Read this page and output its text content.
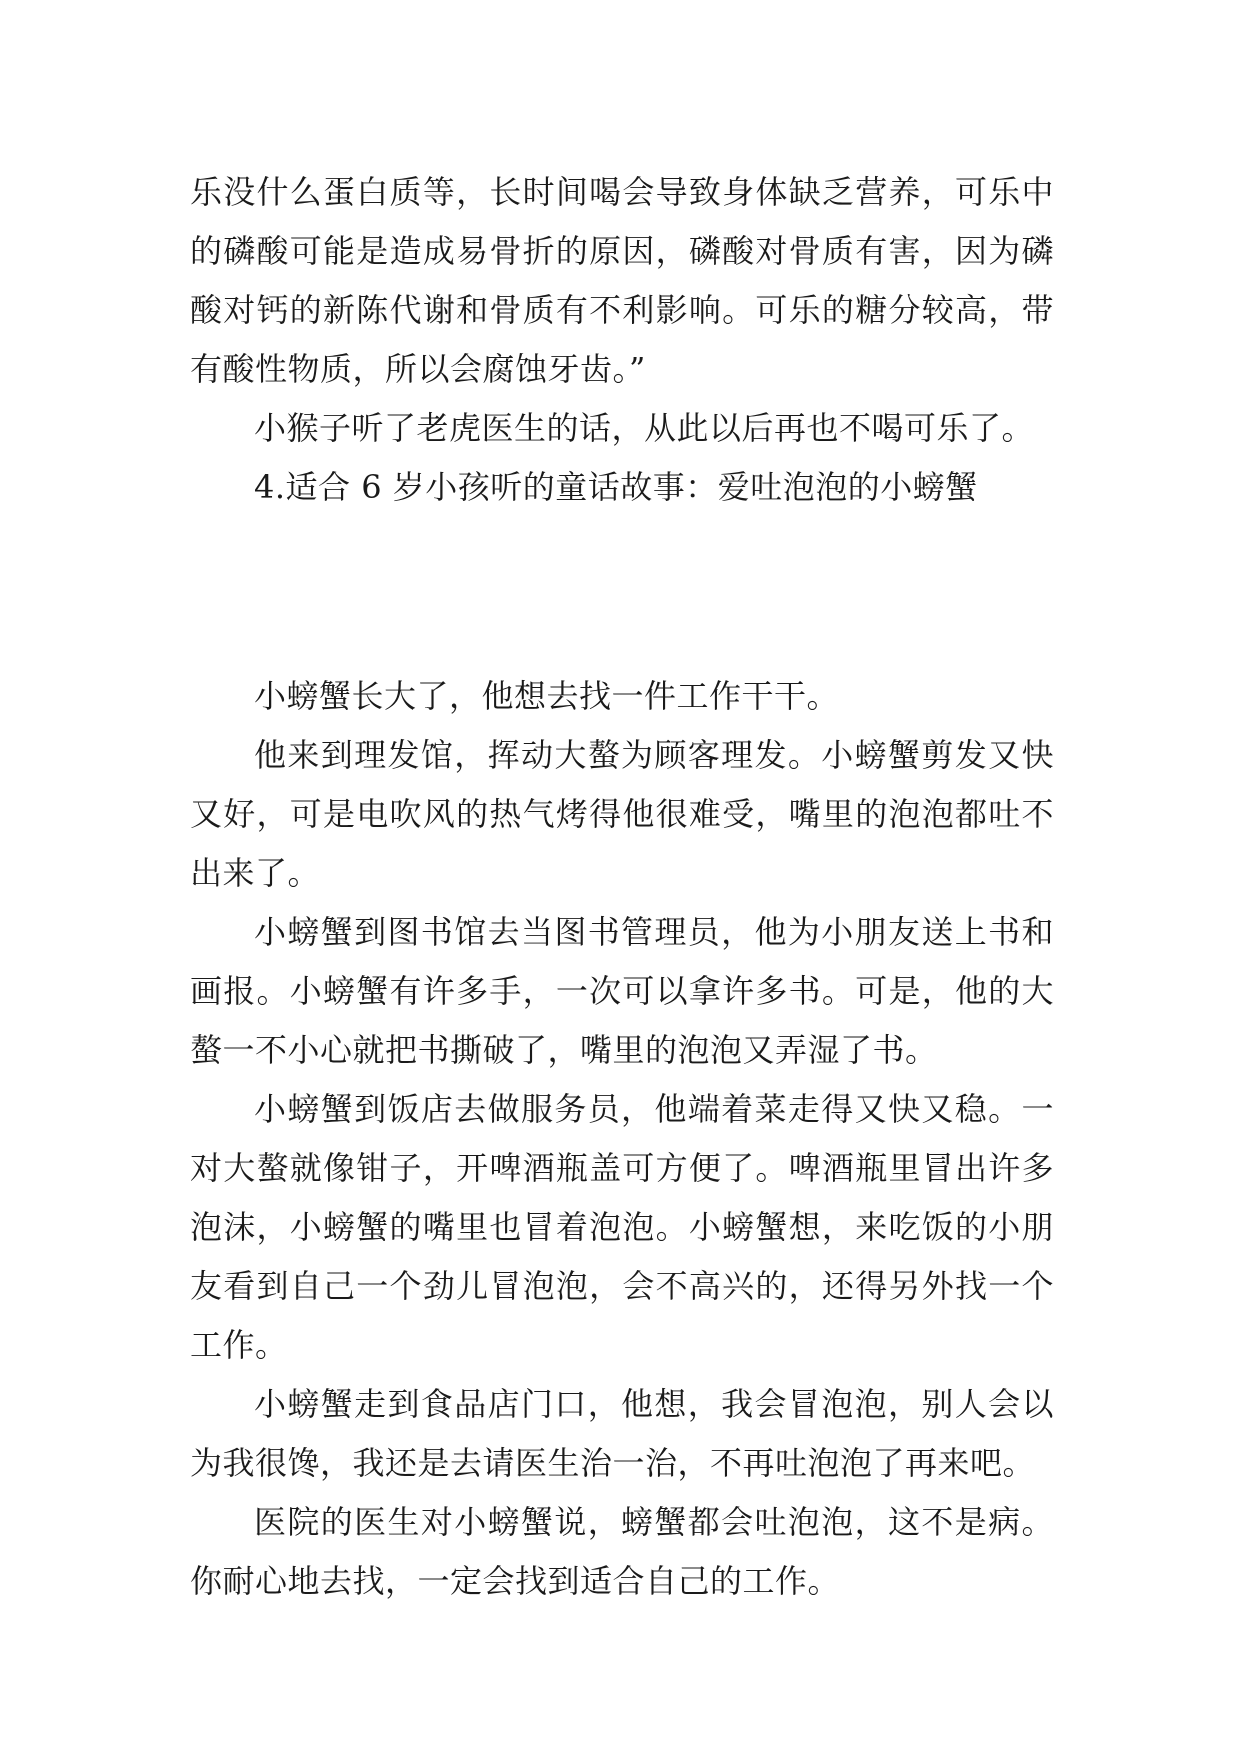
乐没什么蛋白质等，长时间喝会导致身体缺乏营养，可乐中的磷酸可能是造成易骨折的原因，磷酸对骨质有害，因为磷酸对钙的新陈代谢和骨质有不利影响。可乐的糖分较高，带有酸性物质，所以会腐蚀牙齿。”

小猴子听了老虎医生的话，从此以后再也不喝可乐了。

4.适合 6 岁小孩听的童话故事：爱吐泡泡的小螃蟹

小螃蟹长大了，他想去找一件工作干干。

他来到理发馆，挥动大螯为顾客理发。小螃蟹剪发又快又好，可是电吹风的热气烤得他很难受，嘴里的泡泡都吐不出来了。

小螃蟹到图书馆去当图书管理员，他为小朋友送上书和画报。小螃蟹有许多手，一次可以拿许多书。可是，他的大螯一不小心就把书撕破了，嘴里的泡泡又弄湿了书。

小螃蟹到饭店去做服务员，他端着菜走得又快又稳。一对大螯就像钳子，开啤酒瓶盖可方便了。啤酒瓶里冒出许多泡沫，小螃蟹的嘴里也冒着泡泡。小螃蟹想，来吃饭的小朋友看到自己一个劲儿冒泡泡，会不高兴的，还得另外找一个工作。

小螃蟹走到食品店门口，他想，我会冒泡泡，别人会以为我很馋，我还是去请医生治一治，不再吐泡泡了再来吧。

医院的医生对小螃蟹说，螃蟹都会吐泡泡，这不是病。你耐心地去找，一定会找到适合自己的工作。
